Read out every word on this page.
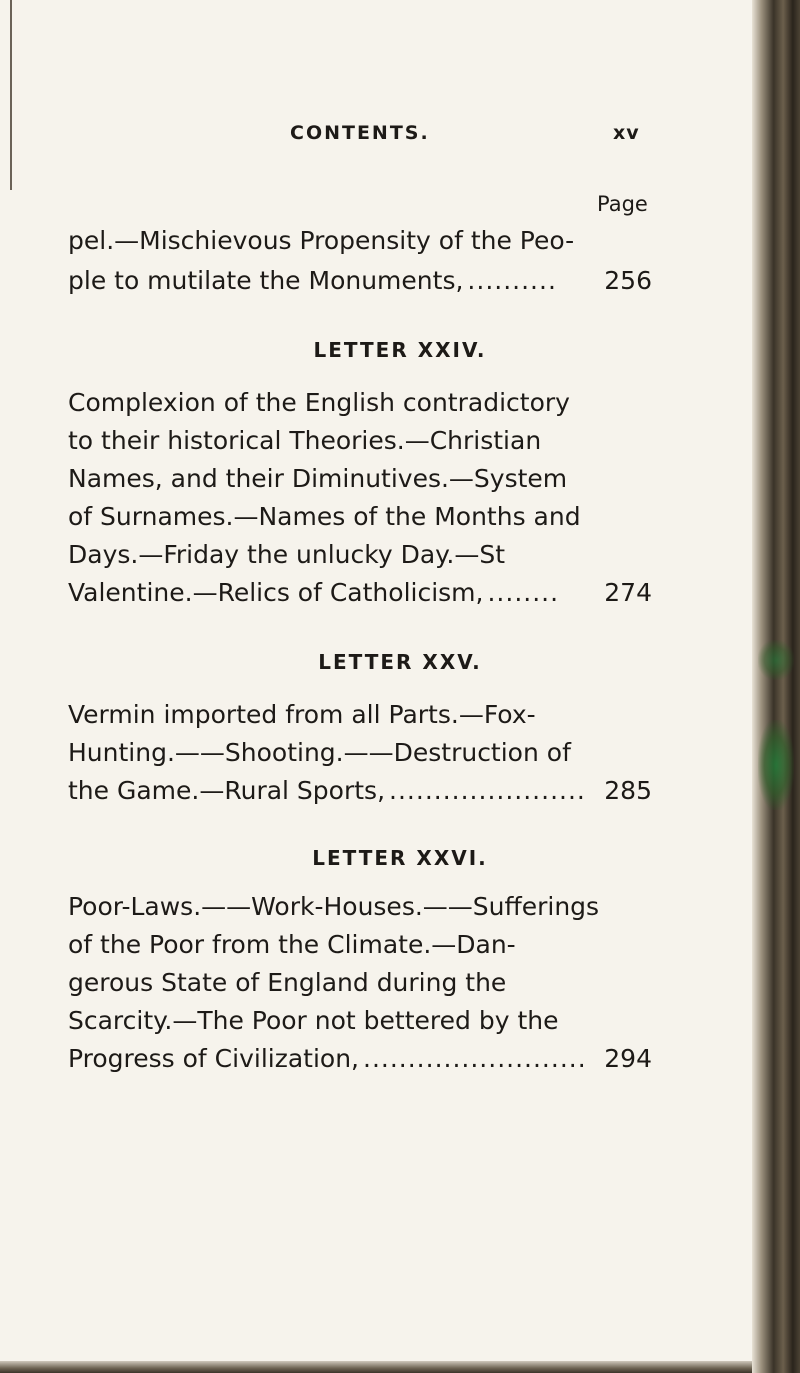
CONTENTS.	xv
Page
pel.—Mischievous Propensity of the Peo-
ple to mutilate the Monuments, ..........	256
LETTER XXIV.
Complexion of the English contradictory
to their historical Theories.—Christian
Names, and their Diminutives.—System
of Surnames.—Names of the Months and
Days.—Friday the unlucky Day.—St
Valentine.—Relics of Catholicism, ........	274
LETTER XXV.
Vermin imported from all Parts.—Fox-
Hunting.——Shooting.——Destruction of
the Game.—Rural Sports, ...................... 285
LETTER XXVI.
Poor-Laws.——Work-Houses.——Sufferings
of the Poor from the Climate.—Dan-
gerous State of England during the
Scarcity.—The Poor not bettered by the
Progress of Civilization, ......................... 294
